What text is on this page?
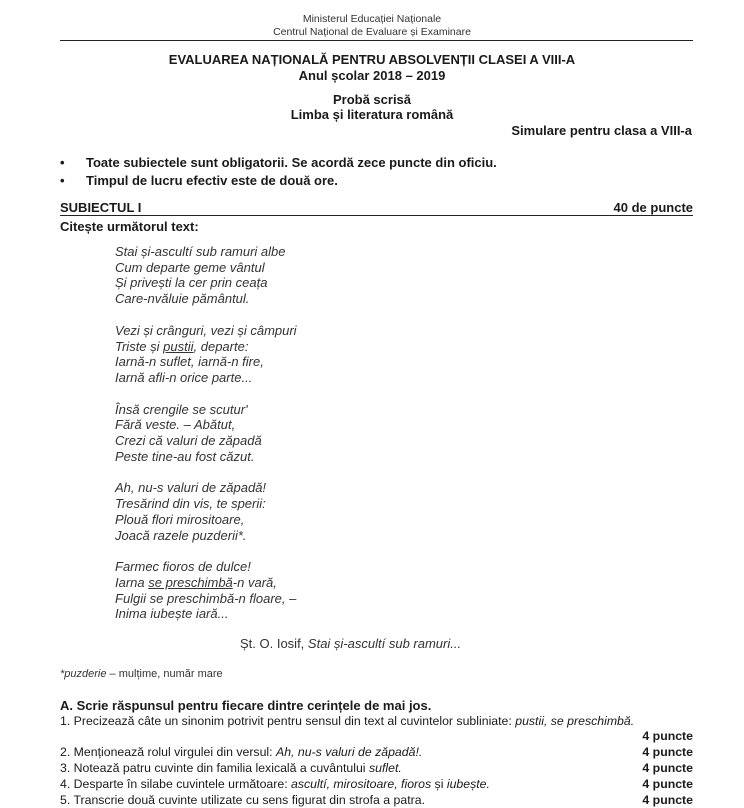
Ministerul Educației Naționale
Centrul Național de Evaluare și Examinare
EVALUAREA NAȚIONALĂ PENTRU ABSOLVENȚII CLASEI A VIII-A
Anul școlar 2018 – 2019
Probă scrisă
Limba și literatura română
Simulare pentru clasa a VIII-a
• Toate subiectele sunt obligatorii. Se acordă zece puncte din oficiu.
• Timpul de lucru efectiv este de două ore.
SUBIECTUL I	40 de puncte
Citește următorul text:
Stai și-ascultí sub ramuri albe
Cum departe geme vântul
Și privești la cer prin ceața
Care-nvăluie pământul.
Vezi și crânguri, vezi și câmpuri
Triste și pustii, departe:
Iarnă-n suflet, iarnă-n fire,
Iarnă afli-n orice parte...
Însă crengile se scutur'
Fără veste. – Abătut,
Crezi că valuri de zăpadă
Peste tine-au fost căzut.
Ah, nu-s valuri de zăpadă!
Tresărind din vis, te sperii:
Plouă flori mirositoare,
Joacă razele puzderii*.
Farmec fioros de dulce!
Iarna se preschimbă-n vară,
Fulgii se preschimbă-n floare, –
Inima iubește iară...
Șt. O. Iosif, Stai și-ascultí sub ramuri...
*puzderie – mulțime, număr mare
A. Scrie răspunsul pentru fiecare dintre cerințele de mai jos.
1. Precizează câte un sinonim potrivit pentru sensul din text al cuvintelor subliniate: pustii, se preschimbă.
4 puncte
2. Menționează rolul virgulei din versul: Ah, nu-s valuri de zăpadă!.	4 puncte
3. Notează patru cuvinte din familia lexicală a cuvântului suflet.	4 puncte
4. Desparte în silabe cuvintele următoare: ascultí, mirositoare, fioros și iubește.	4 puncte
5. Transcrie două cuvinte utilizate cu sens figurat din strofa a patra.	4 puncte
